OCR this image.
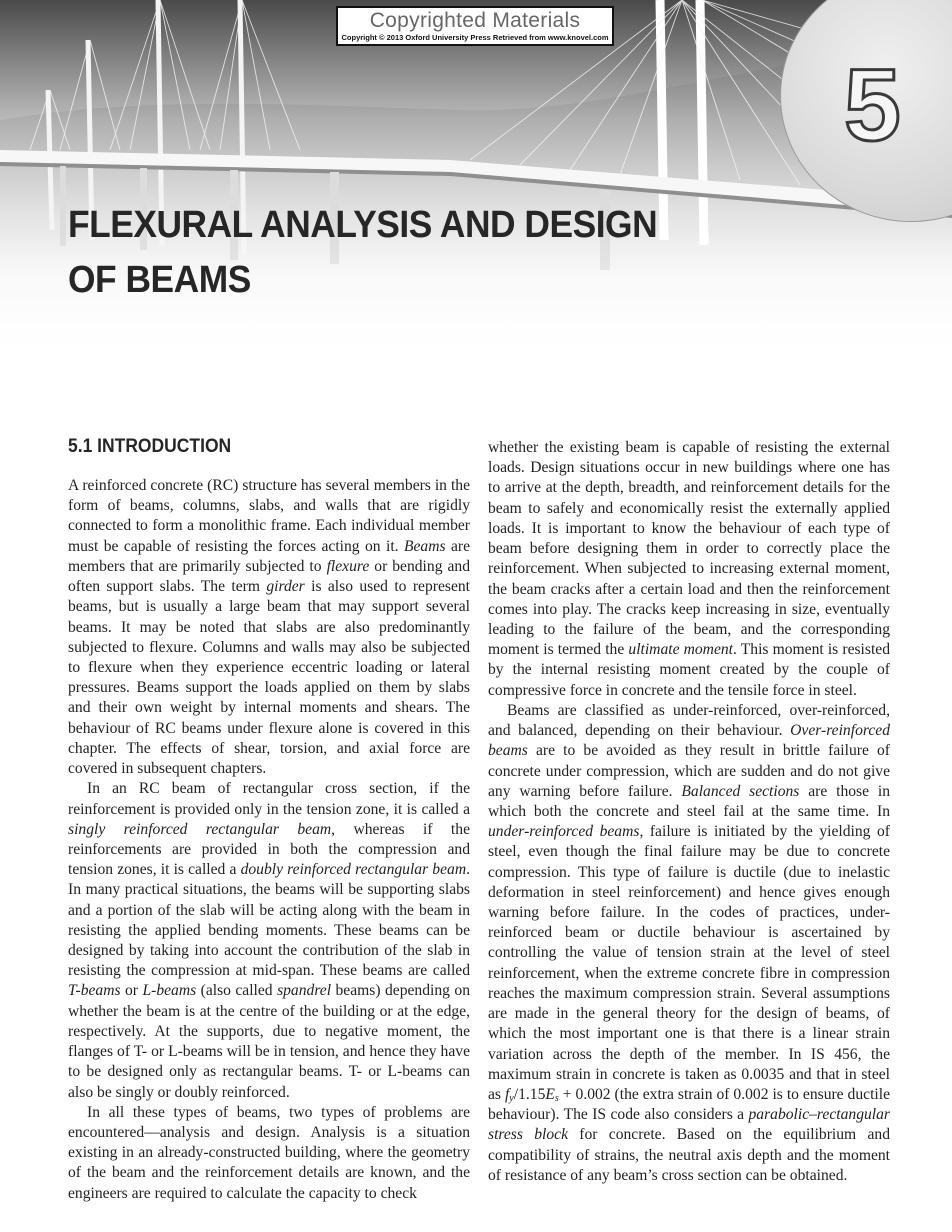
5
Copyrighted Materials
Copyright © 2013 Oxford University Press Retrieved from www.knovel.com
FLEXURAL ANALYSIS AND DESIGN
OF BEAMS
5.1 INTRODUCTION

A reinforced concrete (RC) structure has several members in the form of beams, columns, slabs, and walls that are rigidly connected to form a monolithic frame. Each individual member must be capable of resisting the forces acting on it. Beams are members that are primarily subjected to flexure or bending and often support slabs. The term girder is also used to represent beams, but is usually a large beam that may support several beams. It may be noted that slabs are also predominantly subjected to flexure. Columns and walls may also be subjected to flexure when they experience eccentric loading or lateral pressures. Beams support the loads applied on them by slabs and their own weight by internal moments and shears. The behaviour of RC beams under flexure alone is covered in this chapter. The effects of shear, torsion, and axial force are covered in subsequent chapters.

In an RC beam of rectangular cross section, if the reinforcement is provided only in the tension zone, it is called a singly reinforced rectangular beam, whereas if the reinforcements are provided in both the compression and tension zones, it is called a doubly reinforced rectangular beam. In many practical situations, the beams will be supporting slabs and a portion of the slab will be acting along with the beam in resisting the applied bending moments. These beams can be designed by taking into account the contribution of the slab in resisting the compression at mid-span. These beams are called T-beams or L-beams (also called spandrel beams) depending on whether the beam is at the centre of the building or at the edge, respectively. At the supports, due to negative moment, the flanges of T- or L-beams will be in tension, and hence they have to be designed only as rectangular beams. T- or L-beams can also be singly or doubly reinforced.

In all these types of beams, two types of problems are encountered—analysis and design. Analysis is a situation existing in an already-constructed building, where the geometry of the beam and the reinforcement details are known, and the engineers are required to calculate the capacity to check

whether the existing beam is capable of resisting the external loads. Design situations occur in new buildings where one has to arrive at the depth, breadth, and reinforcement details for the beam to safely and economically resist the externally applied loads. It is important to know the behaviour of each type of beam before designing them in order to correctly place the reinforcement. When subjected to increasing external moment, the beam cracks after a certain load and then the reinforcement comes into play. The cracks keep increasing in size, eventually leading to the failure of the beam, and the corresponding moment is termed the ultimate moment. This moment is resisted by the internal resisting moment created by the couple of compressive force in concrete and the tensile force in steel.

Beams are classified as under-reinforced, over-reinforced, and balanced, depending on their behaviour. Over-reinforced beams are to be avoided as they result in brittle failure of concrete under compression, which are sudden and do not give any warning before failure. Balanced sections are those in which both the concrete and steel fail at the same time. In under-reinforced beams, failure is initiated by the yielding of steel, even though the final failure may be due to concrete compression. This type of failure is ductile (due to inelastic deformation in steel reinforcement) and hence gives enough warning before failure. In the codes of practices, under-reinforced beam or ductile behaviour is ascertained by controlling the value of tension strain at the level of steel reinforcement, when the extreme concrete fibre in compression reaches the maximum compression strain. Several assumptions are made in the general theory for the design of beams, of which the most important one is that there is a linear strain variation across the depth of the member. In IS 456, the maximum strain in concrete is taken as 0.0035 and that in steel as $f_y/1.15E_s + 0.002$ (the extra strain of 0.002 is to ensure ductile behaviour). The IS code also considers a parabolic–rectangular stress block for concrete. Based on the equilibrium and compatibility of strains, the neutral axis depth and the moment of resistance of any beam’s cross section can be obtained.
